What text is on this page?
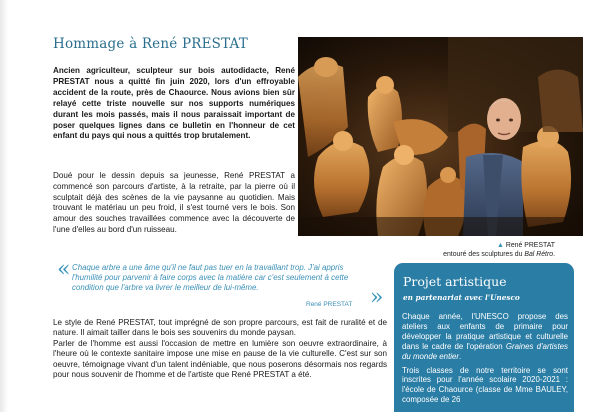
Hommage à René PRESTAT
Ancien agriculteur, sculpteur sur bois autodidacte, René PRESTAT nous a quitté fin juin 2020, lors d'un effroyable accident de la route, près de Chaource. Nous avions bien sûr relayé cette triste nouvelle sur nos supports numériques durant les mois passés, mais il nous paraissait important de poser quelques lignes dans ce bulletin en l'honneur de cet enfant du pays qui nous a quittés trop brutalement.
Doué pour le dessin depuis sa jeunesse, René PRESTAT a commencé son parcours d'artiste, à la retraite, par la pierre où il sculptait déjà des scènes de la vie paysanne au quotidien. Mais trouvant le matériau un peu froid, il s'est tourné vers le bois. Son amour des souches travaillées commence avec la découverte de l'une d'elles au bord d'un ruisseau.
▲ René PRESTAT
entouré des sculptures du Bal Rétro.
« Chaque arbre a une âme qu'il ne faut pas tuer en la travaillant trop. J'ai appris l'humilité pour parvenir à faire corps avec la matière car c'est seulement à cette condition que l'arbre va livrer le meilleur de lui-même.
René PRESTAT »

Le style de René PRESTAT, tout imprégné de son propre parcours, est fait de ruralité et de nature. Il aimait tailler dans le bois ses souvenirs du monde paysan.

Parler de l'homme est aussi l'occasion de mettre en lumière son oeuvre extraordinaire, à l'heure où le contexte sanitaire impose une mise en pause de la vie culturelle. C'est sur son oeuvre, témoignage vivant d'un talent indéniable, que nous poserons désormais nos regards pour nous souvenir de l'homme et de l'artiste que René PRESTAT a été.

Projet artistique
en partenariat avec l'Unesco

Chaque année, l'UNESCO propose des ateliers aux enfants de primaire pour développer la pratique artistique et culturelle dans le cadre de l'opération Graines d'artistes du monde entier.

Trois classes de notre territoire se sont inscrites pour l'année scolaire 2020-2021 : l'école de Chaource (classe de Mme BAULEY, composée de 26
